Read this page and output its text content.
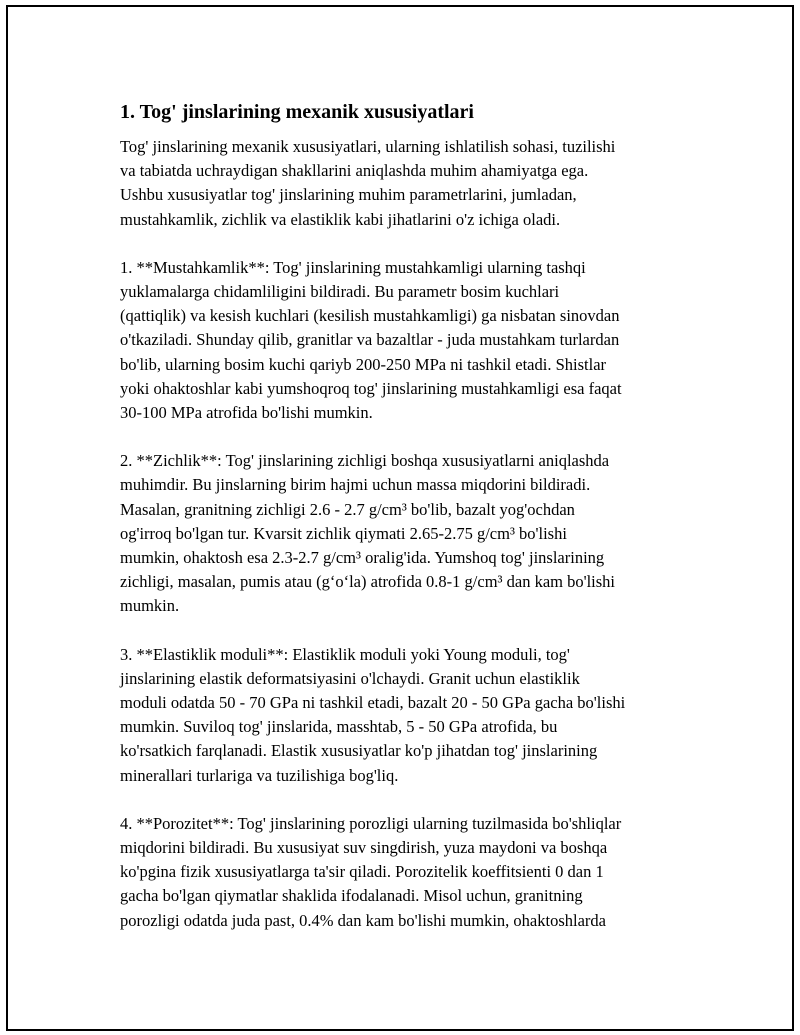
1. Tog' jinslarining mexanik xususiyatlari

Tog' jinslarining mexanik xususiyatlari, ularning ishlatilish sohasi, tuzilishi
va tabiatda uchraydigan shakllarini aniqlashda muhim ahamiyatga ega.
Ushbu xususiyatlar tog' jinslarining muhim parametrlarini, jumladan,
mustahkamlik, zichlik va elastiklik kabi jihatlarini o'z ichiga oladi.

1. **Mustahkamlik**: Tog' jinslarining mustahkamligi ularning tashqi
yuklamalarga chidamliligini bildiradi. Bu parametr bosim kuchlari
(qattiqlik) va kesish kuchlari (kesilish mustahkamligi) ga nisbatan sinovdan
o'tkaziladi. Shunday qilib, granitlar va bazaltlar - juda mustahkam turlardan
bo'lib, ularning bosim kuchi qariyb 200-250 MPa ni tashkil etadi. Shistlar
yoki ohaktoshlar kabi yumshoqroq tog' jinslarining mustahkamligi esa faqat
30-100 MPa atrofida bo'lishi mumkin.

2. **Zichlik**: Tog' jinslarining zichligi boshqa xususiyatlarni aniqlashda
muhimdir. Bu jinslarning birim hajmi uchun massa miqdorini bildiradi.
Masalan, granitning zichligi 2.6 - 2.7 g/cm³ bo'lib, bazalt yog'ochdan
og'irroq bo'lgan tur. Kvarsit zichlik qiymati 2.65-2.75 g/cm³ bo'lishi
mumkin, ohaktosh esa 2.3-2.7 g/cm³ oralig'ida. Yumshoq tog' jinslarining
zichligi, masalan, pumis atau (g‘o‘la) atrofida 0.8-1 g/cm³ dan kam bo'lishi
mumkin.

3. **Elastiklik moduli**: Elastiklik moduli yoki Young moduli, tog'
jinslarining elastik deformatsiyasini o'lchaydi. Granit uchun elastiklik
moduli odatda 50 - 70 GPa ni tashkil etadi, bazalt 20 - 50 GPa gacha bo'lishi
mumkin. Suviloq tog' jinslarida, masshtab, 5 - 50 GPa atrofida, bu
ko'rsatkich farqlanadi. Elastik xususiyatlar ko'p jihatdan tog' jinslarining
minerallari turlariga va tuzilishiga bog'liq.

4. **Porozitet**: Tog' jinslarining porozligi ularning tuzilmasida bo'shliqlar
miqdorini bildiradi. Bu xususiyat suv singdirish, yuza maydoni va boshqa
ko'pgina fizik xususiyatlarga ta'sir qiladi. Porozitelik koeffitsienti 0 dan 1
gacha bo'lgan qiymatlar shaklida ifodalanadi. Misol uchun, granitning
porozligi odatda juda past, 0.4% dan kam bo'lishi mumkin, ohaktoshlarda
